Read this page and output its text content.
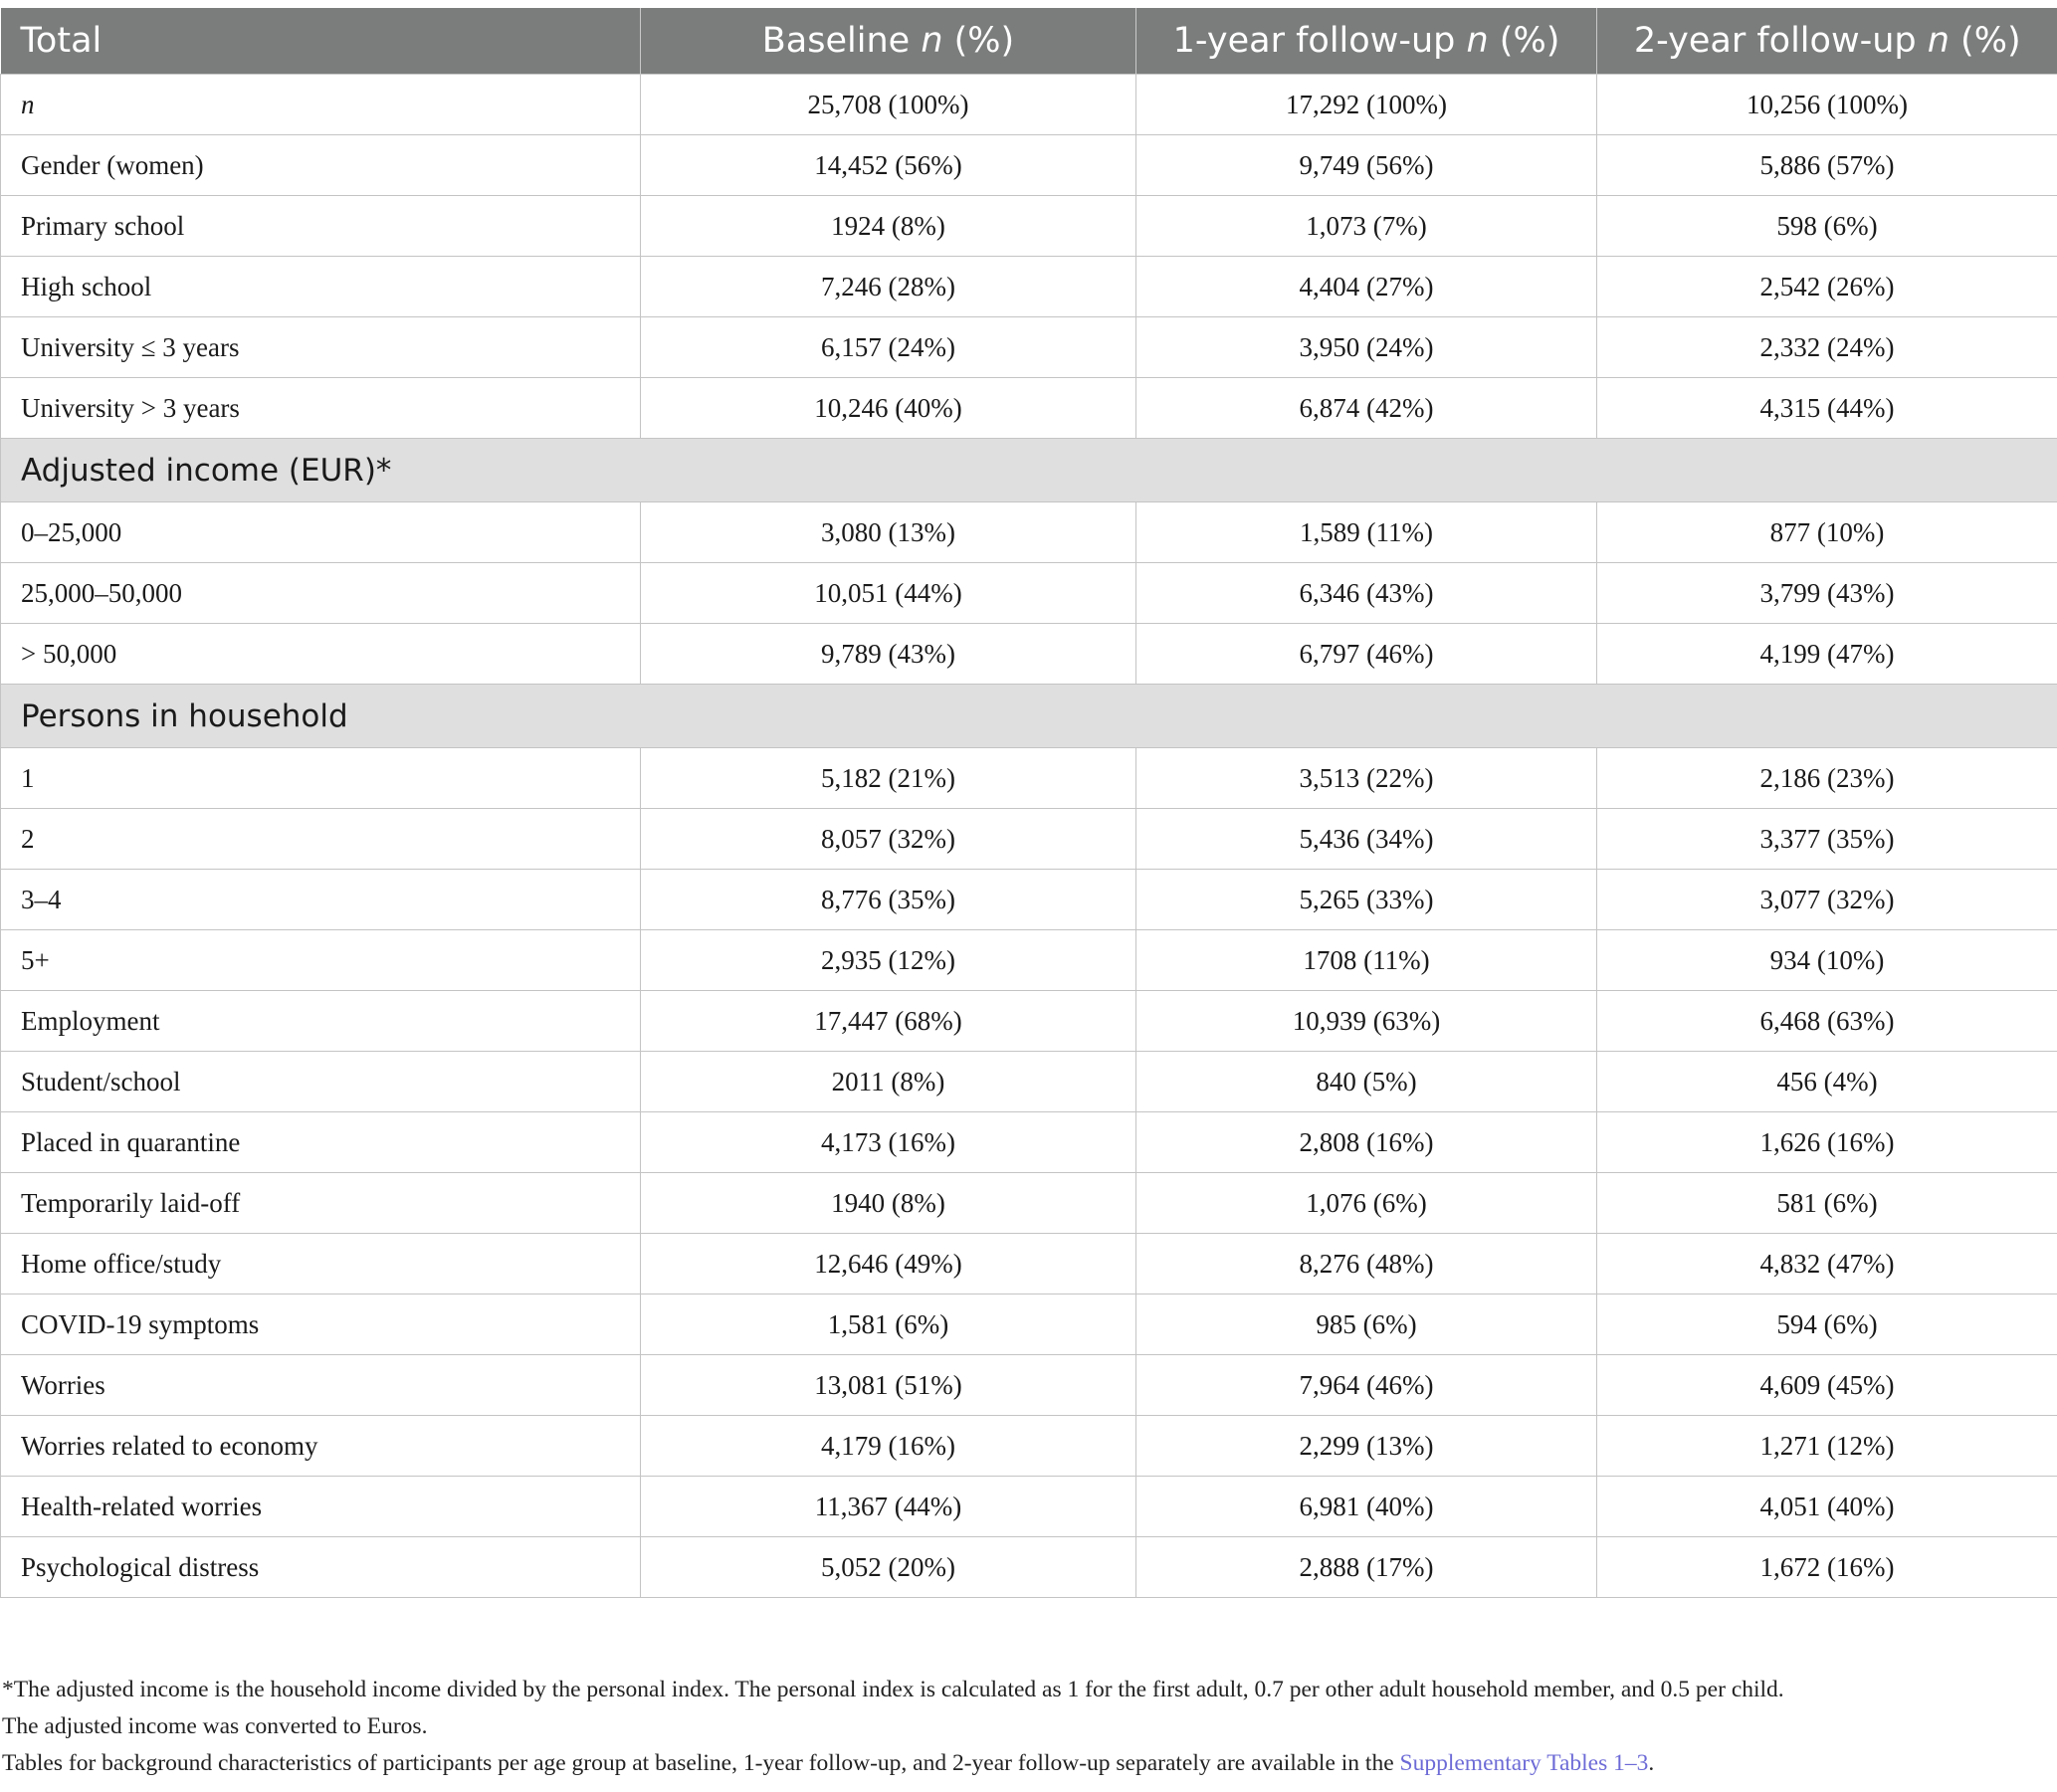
Total	Baseline n (%)	1-year follow-up n (%)	2-year follow-up n (%)
n	25,708 (100%)	17,292 (100%)	10,256 (100%)
Gender (women)	14,452 (56%)	9,749 (56%)	5,886 (57%)
Primary school	1924 (8%)	1,073 (7%)	598 (6%)
High school	7,246 (28%)	4,404 (27%)	2,542 (26%)
University ≤ 3 years	6,157 (24%)	3,950 (24%)	2,332 (24%)
University > 3 years	10,246 (40%)	6,874 (42%)	4,315 (44%)
Adjusted income (EUR)*			
0–25,000	3,080 (13%)	1,589 (11%)	877 (10%)
25,000–50,000	10,051 (44%)	6,346 (43%)	3,799 (43%)
> 50,000	9,789 (43%)	6,797 (46%)	4,199 (47%)
Persons in household			
1	5,182 (21%)	3,513 (22%)	2,186 (23%)
2	8,057 (32%)	5,436 (34%)	3,377 (35%)
3–4	8,776 (35%)	5,265 (33%)	3,077 (32%)
5+	2,935 (12%)	1708 (11%)	934 (10%)
Employment	17,447 (68%)	10,939 (63%)	6,468 (63%)
Student/school	2011 (8%)	840 (5%)	456 (4%)
Placed in quarantine	4,173 (16%)	2,808 (16%)	1,626 (16%)
Temporarily laid-off	1940 (8%)	1,076 (6%)	581 (6%)
Home office/study	12,646 (49%)	8,276 (48%)	4,832 (47%)
COVID-19 symptoms	1,581 (6%)	985 (6%)	594 (6%)
Worries	13,081 (51%)	7,964 (46%)	4,609 (45%)
Worries related to economy	4,179 (16%)	2,299 (13%)	1,271 (12%)
Health-related worries	11,367 (44%)	6,981 (40%)	4,051 (40%)
Psychological distress	5,052 (20%)	2,888 (17%)	1,672 (16%)

*The adjusted income is the household income divided by the personal index. The personal index is calculated as 1 for the first adult, 0.7 per other adult household member, and 0.5 per child.

The adjusted income was converted to Euros.

Tables for background characteristics of participants per age group at baseline, 1-year follow-up, and 2-year follow-up separately are available in the Supplementary Tables 1–3.
